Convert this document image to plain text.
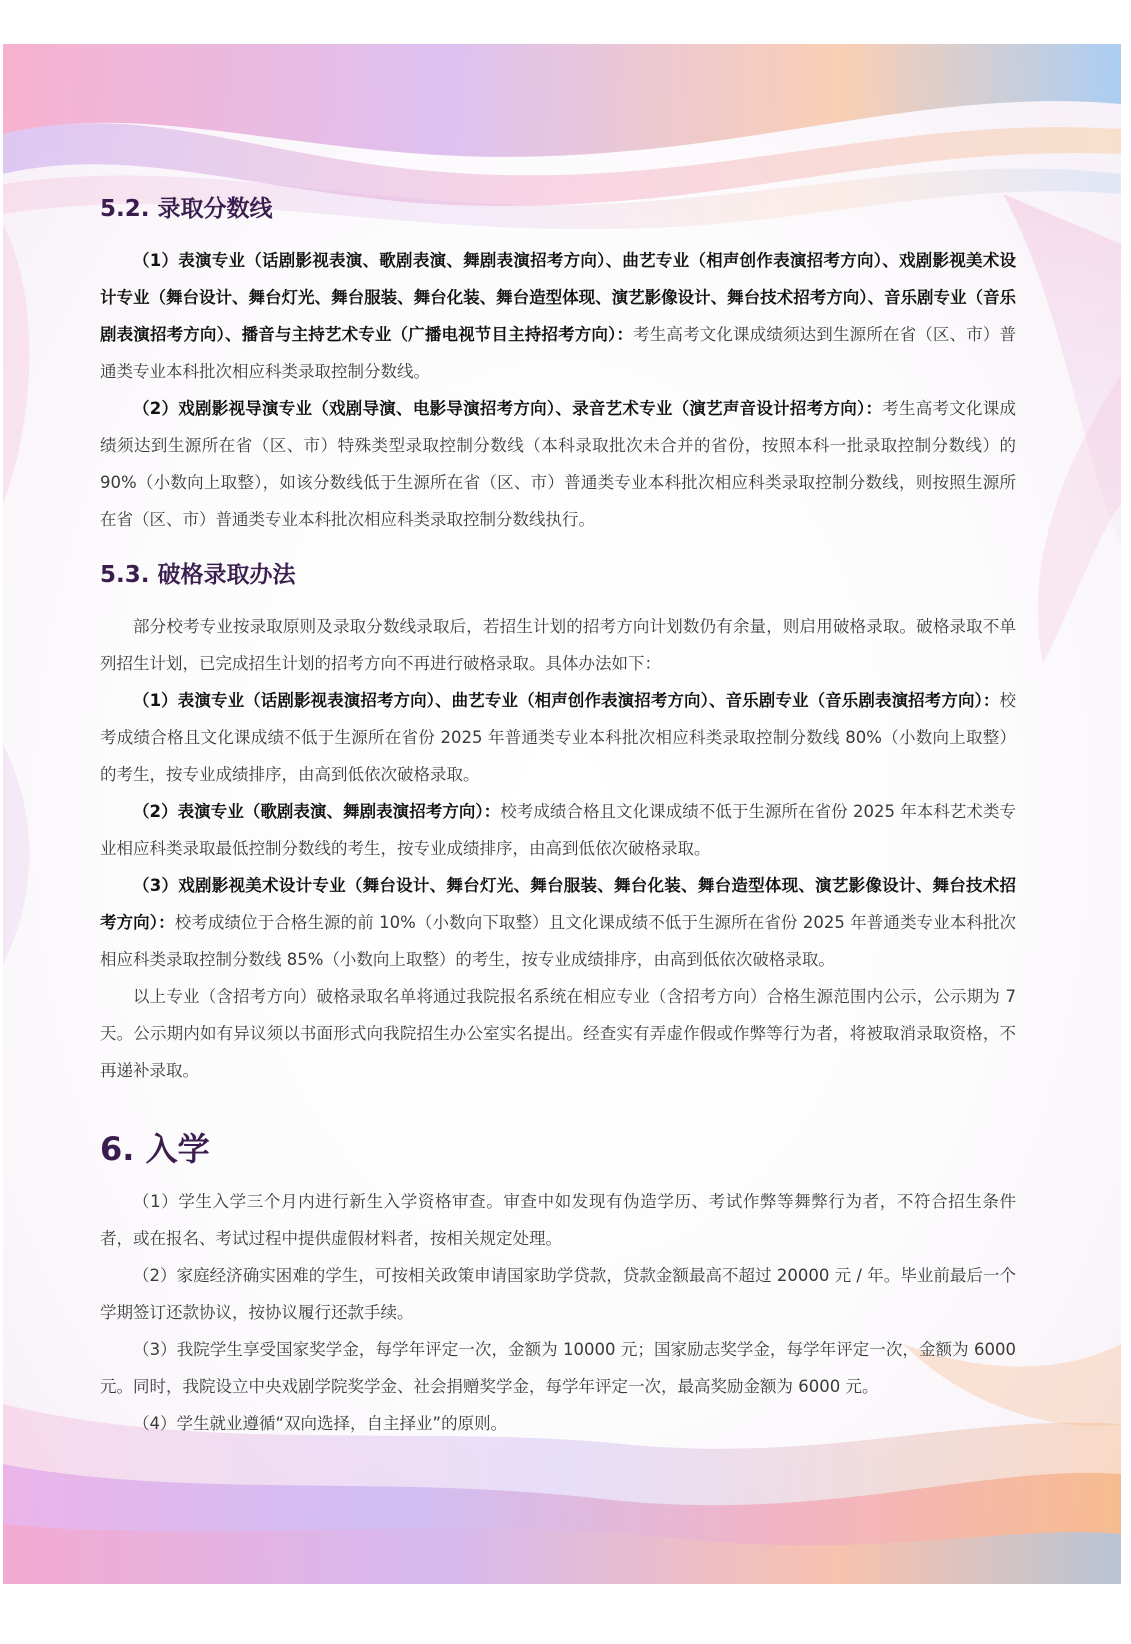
5.2. 录取分数线

（1）表演专业（话剧影视表演、歌剧表演、舞剧表演招考方向）、曲艺专业（相声创作表演招考方向）、戏剧影视美术设计专业（舞台设计、舞台灯光、舞台服装、舞台化装、舞台造型体现、演艺影像设计、舞台技术招考方向）、音乐剧专业（音乐剧表演招考方向）、播音与主持艺术专业（广播电视节目主持招考方向）：考生高考文化课成绩须达到生源所在省（区、市）普通类专业本科批次相应科类录取控制分数线。

（2）戏剧影视导演专业（戏剧导演、电影导演招考方向）、录音艺术专业（演艺声音设计招考方向）：考生高考文化课成绩须达到生源所在省（区、市）特殊类型录取控制分数线（本科录取批次未合并的省份，按照本科一批录取控制分数线）的 90%（小数向上取整），如该分数线低于生源所在省（区、市）普通类专业本科批次相应科类录取控制分数线，则按照生源所在省（区、市）普通类专业本科批次相应科类录取控制分数线执行。

5.3. 破格录取办法

部分校考专业按录取原则及录取分数线录取后，若招生计划的招考方向计划数仍有余量，则启用破格录取。破格录取不单列招生计划，已完成招生计划的招考方向不再进行破格录取。具体办法如下：

（1）表演专业（话剧影视表演招考方向）、曲艺专业（相声创作表演招考方向）、音乐剧专业（音乐剧表演招考方向）：校考成绩合格且文化课成绩不低于生源所在省份 2025 年普通类专业本科批次相应科类录取控制分数线 80%（小数向上取整）的考生，按专业成绩排序，由高到低依次破格录取。

（2）表演专业（歌剧表演、舞剧表演招考方向）：校考成绩合格且文化课成绩不低于生源所在省份 2025 年本科艺术类专业相应科类录取最低控制分数线的考生，按专业成绩排序，由高到低依次破格录取。

（3）戏剧影视美术设计专业（舞台设计、舞台灯光、舞台服装、舞台化装、舞台造型体现、演艺影像设计、舞台技术招考方向）：校考成绩位于合格生源的前 10%（小数向下取整）且文化课成绩不低于生源所在省份 2025 年普通类专业本科批次相应科类录取控制分数线 85%（小数向上取整）的考生，按专业成绩排序，由高到低依次破格录取。

以上专业（含招考方向）破格录取名单将通过我院报名系统在相应专业（含招考方向）合格生源范围内公示，公示期为 7 天。公示期内如有异议须以书面形式向我院招生办公室实名提出。经查实有弄虚作假或作弊等行为者，将被取消录取资格，不再递补录取。

6. 入学

（1）学生入学三个月内进行新生入学资格审查。审查中如发现有伪造学历、考试作弊等舞弊行为者，不符合招生条件者，或在报名、考试过程中提供虚假材料者，按相关规定处理。

（2）家庭经济确实困难的学生，可按相关政策申请国家助学贷款，贷款金额最高不超过 20000 元 / 年。毕业前最后一个学期签订还款协议，按协议履行还款手续。

（3）我院学生享受国家奖学金，每学年评定一次，金额为 10000 元；国家励志奖学金，每学年评定一次，金额为 6000 元。同时，我院设立中央戏剧学院奖学金、社会捐赠奖学金，每学年评定一次，最高奖励金额为 6000 元。

（4）学生就业遵循“双向选择，自主择业”的原则。
